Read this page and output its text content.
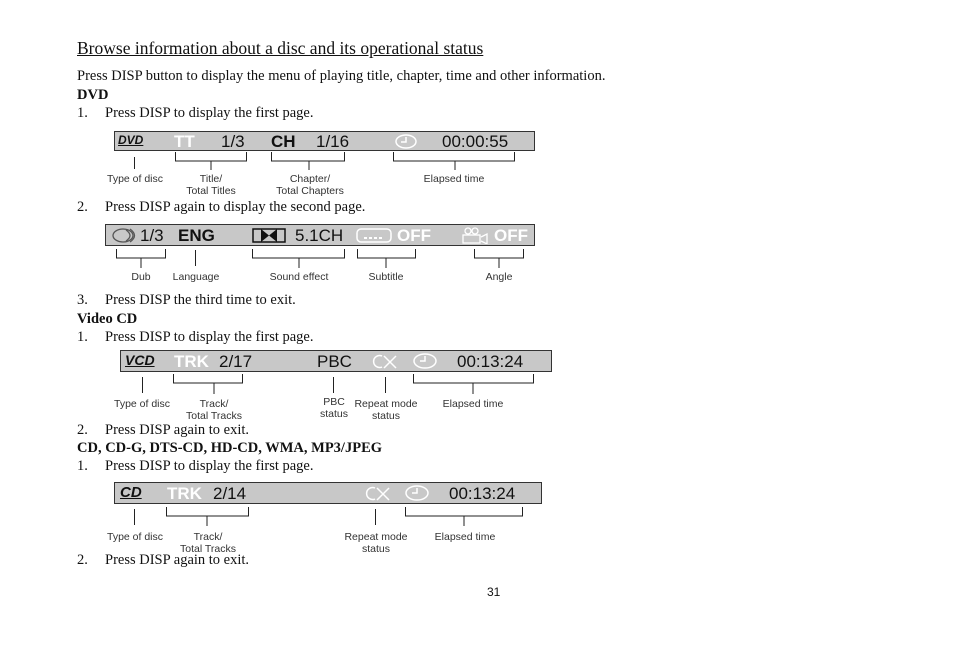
Browse information about a disc and its operational status
Press DISP button to display the menu of playing title, chapter, time and other information.
DVD
1. Press DISP to display the first page.
DVD TT 1/3 CH 1/16	00:00:55
Type of disc	Title/
Total Titles
Chapter/
Total Chapters
Elapsed time
2. Press DISP again to display the second page.
1/3 ENG	5.1CH	OFF	OFF
Dub Language	Sound effect	Subtitle	Angle
3. Press DISP the third time to exit.
Video CD
1. Press DISP to display the first page.
VCD TRK 2/17	PBC	00:13:24
Type of disc	Track/
Total Tracks
PBC
status
Repeat mode
status
Elapsed time
2. Press DISP again to exit.
CD, CD-G, DTS-CD, HD-CD, WMA, MP3/JPEG
1. Press DISP to display the first page.
CD TRK 2/14	00:13:24
Type of disc	Track/
Total Tracks
Repeat mode
status
Elapsed time
2. Press DISP again to exit.
31
